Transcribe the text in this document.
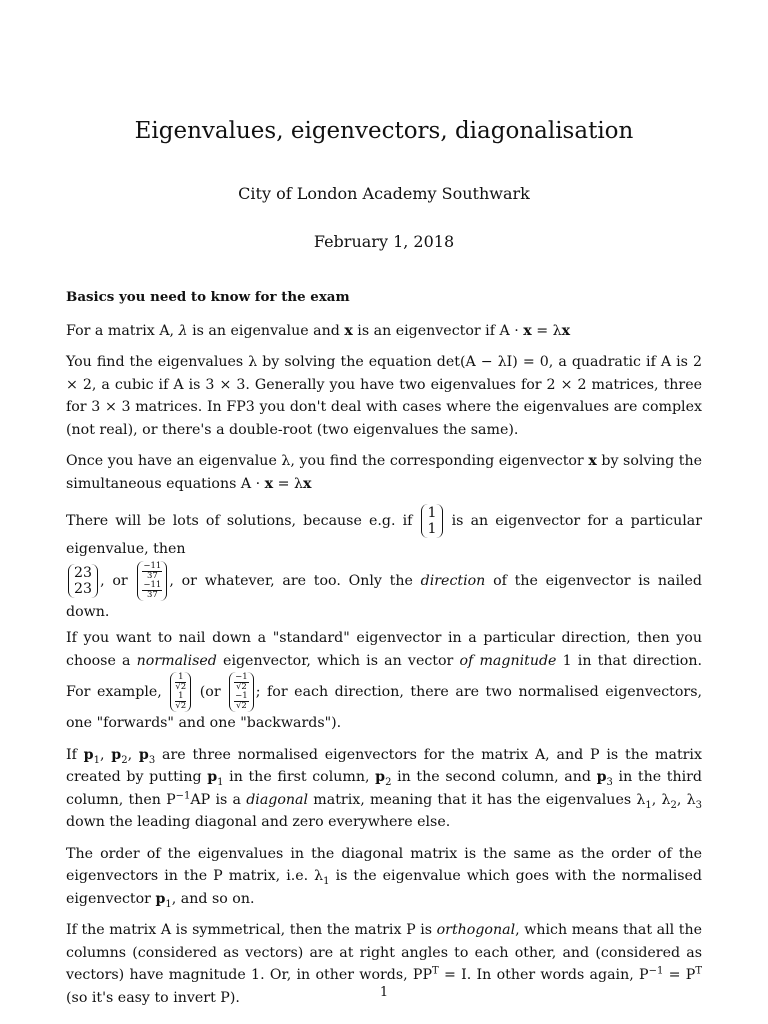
Eigenvalues, eigenvectors, diagonalisation
City of London Academy Southwark
February 1, 2018
Basics you need to know for the exam

For a matrix A, λ is an eigenvalue and x is an eigenvector if A · x = λx

You find the eigenvalues λ by solving the equation det(A − λI) = 0, a quadratic if A is 2 × 2, a cubic if A is 3 × 3. Generally you have two eigenvalues for 2 × 2 matrices, three for 3 × 3 matrices. In FP3 you don't deal with cases where the eigenvalues are complex (not real), or there's a double-root (two eigenvalues the same).

Once you have an eigenvalue λ, you find the corresponding eigenvector x by solving the simultaneous equations A · x = λx

There will be lots of solutions, because e.g. if 1
1 is an eigenvector for a particular eigenvalue, then

23
23 , or $\frac{-11}{37}$
$\frac{-11}{37}$ , or whatever, are too. Only the direction of the eigenvector is nailed down.

If you want to nail down a "standard" eigenvector in a particular direction, then you choose a normalised eigenvector, which is an vector of magnitude 1 in that direction. For example, $\frac{1}{√2}$
$\frac{1}{√2} (or \frac{-1}{√2}$
$\frac{-1}{√2}$ ; for each direction, there are two normalised eigenvectors, one "forwards" and one "backwards").

If $p_1$, $p_2$, $p_3$ are three normalised eigenvectors for the matrix A, and P is the matrix created by putting $p_1$ in the first column, $p_2$ in the second column, and $p_3$ in the third column, then $P^{-1}AP$ is a diagonal matrix, meaning that it has the eigenvalues $\lambda_1$, $\lambda_2$, $\lambda_3$ down the leading diagonal and zero everywhere else.

The order of the eigenvalues in the diagonal matrix is the same as the order of the eigenvectors in the P matrix, i.e. $\lambda_1$ is the eigenvalue which goes with the normalised eigenvector $p_1$, and so on.

If the matrix A is symmetrical, then the matrix P is orthogonal, which means that all the columns (considered as vectors) are at right angles to each other, and (considered as vectors) have magnitude 1. Or, in other words, $PP^T = I$. In other words again, $P^{-1} = P^T$ (so it's easy to invert P).	1
